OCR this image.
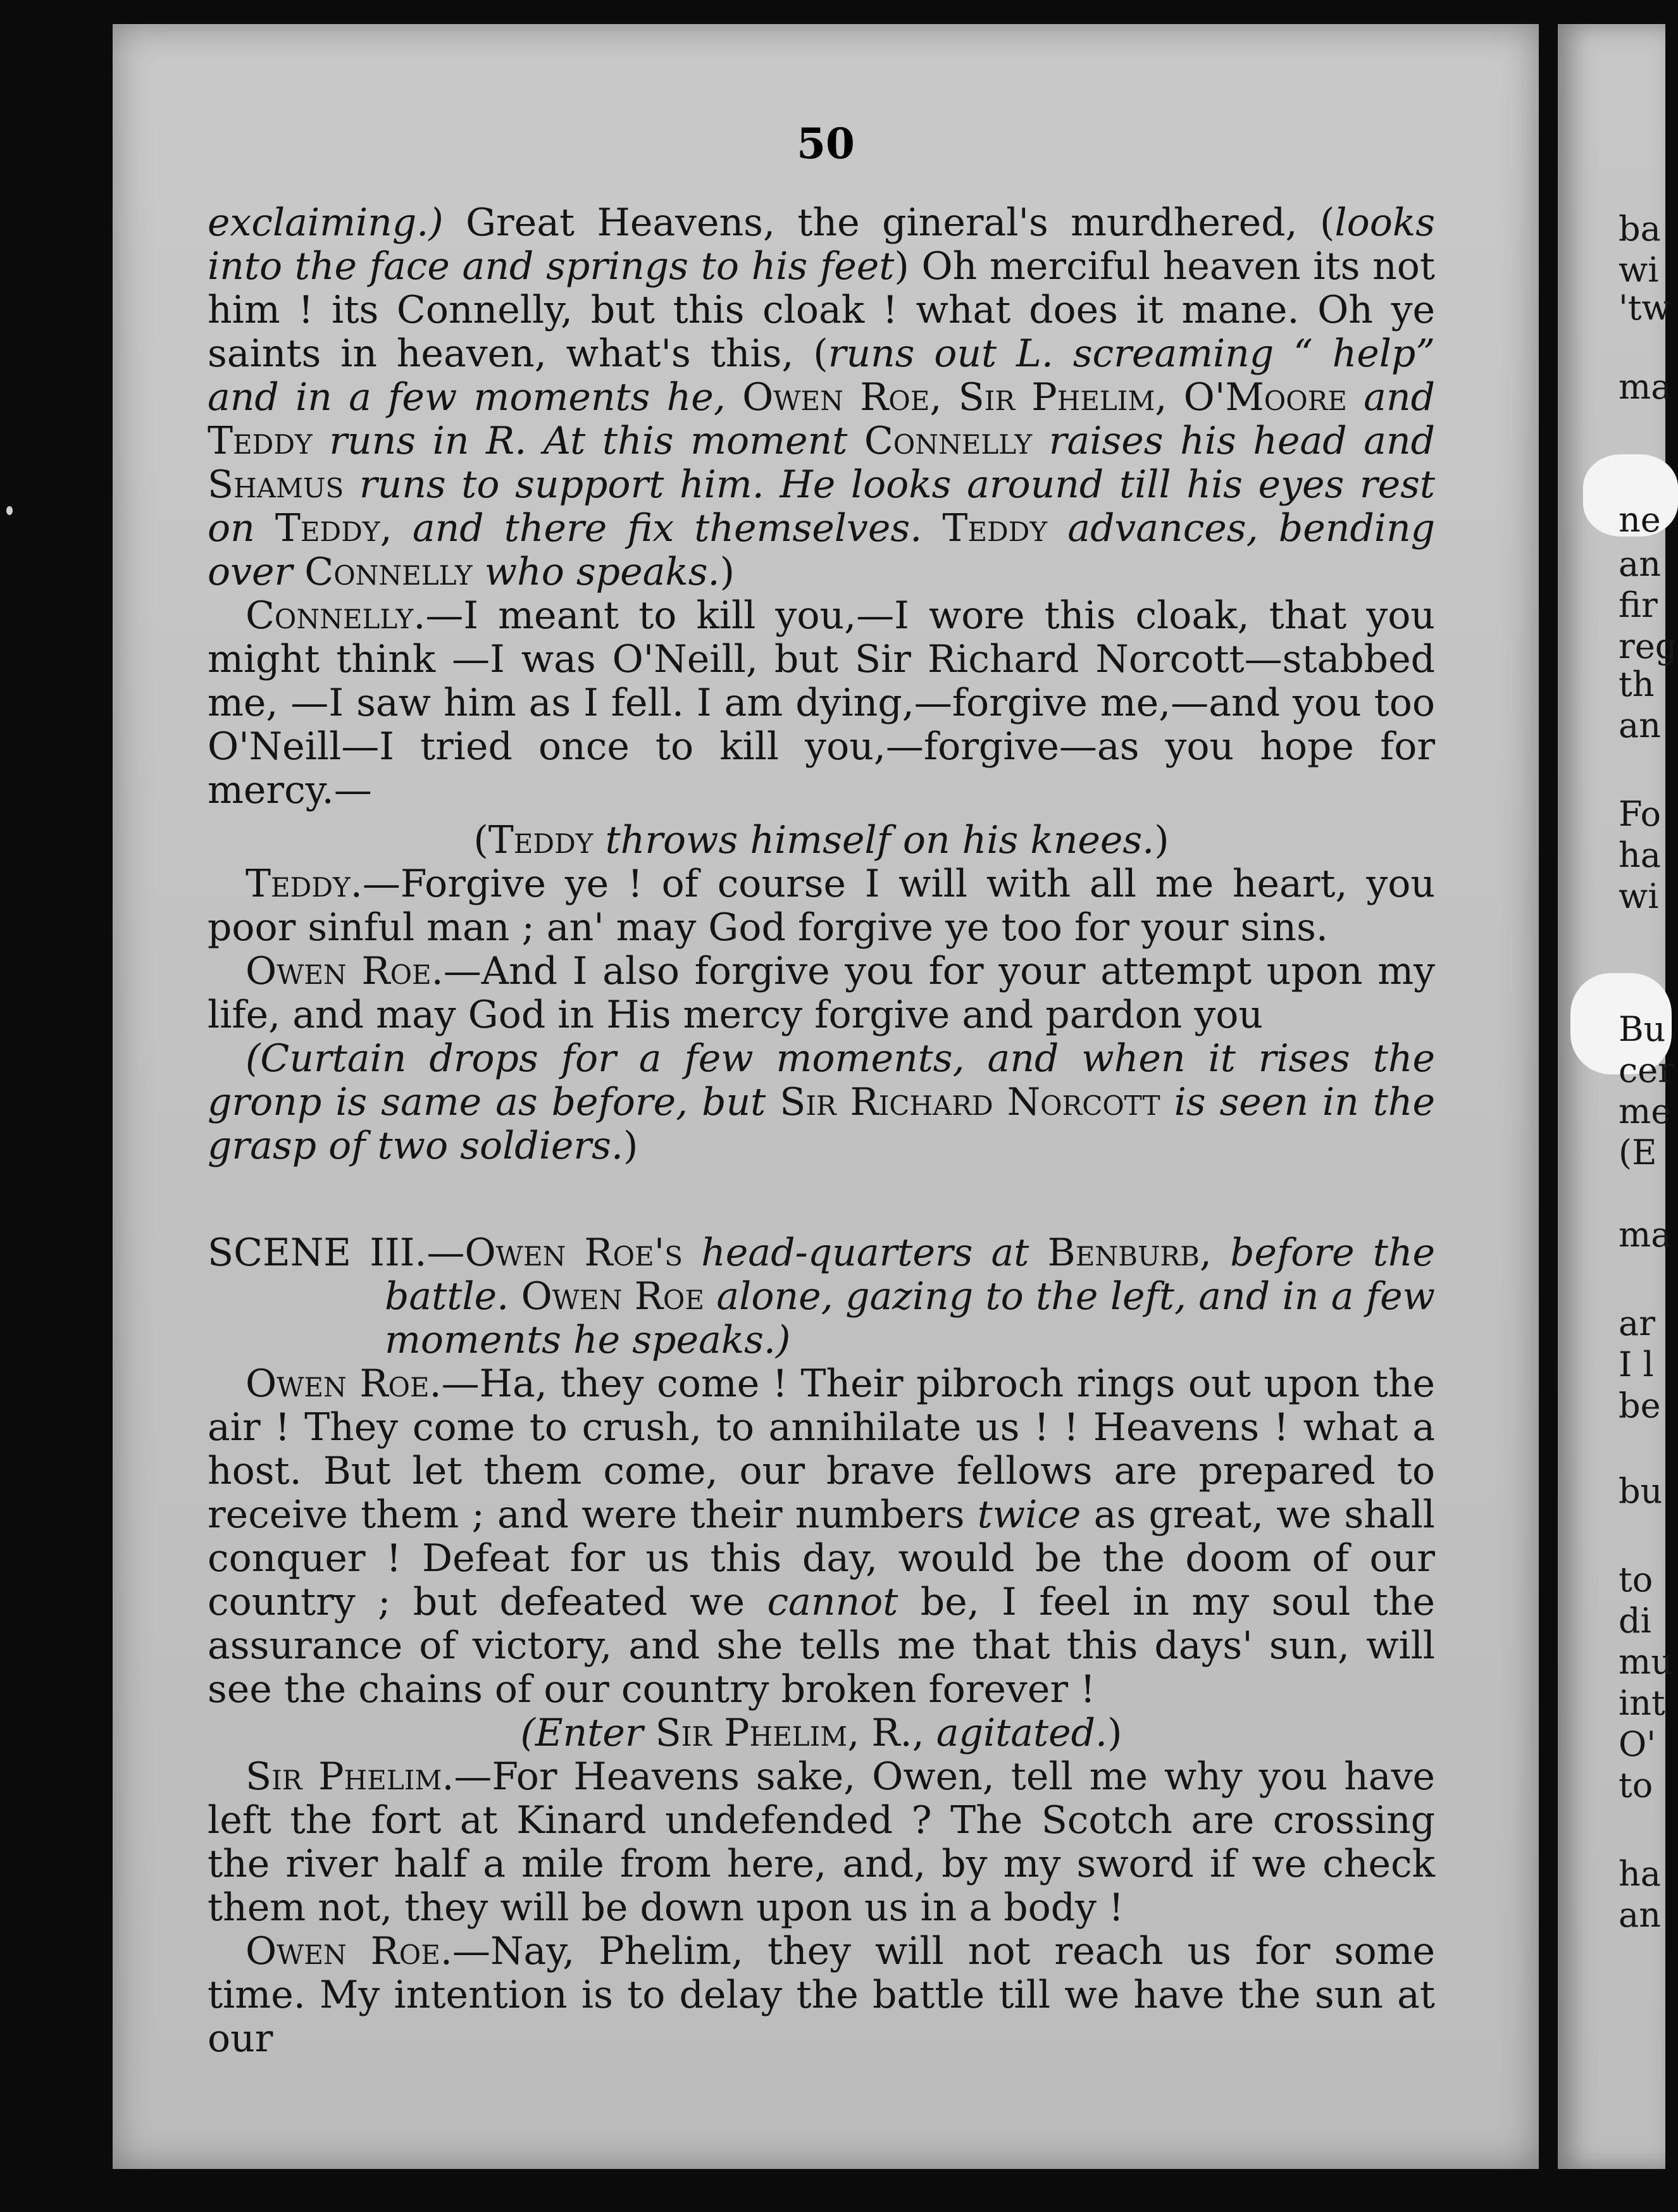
50

exclaiming.) Great Heavens, the gineral's murdhered, (looks into the face and springs to his feet) Oh merciful heaven its not him ! its Connelly, but this cloak ! what does it mane. Oh ye saints in heaven, what's this, (runs out L. screaming “ help” and in a few moments he, Owen Roe, Sir Phelim, O'Moore and Teddy runs in R. At this moment Connelly raises his head and Shamus runs to support him. He looks around till his eyes rest on Teddy, and there fix themselves. Teddy advances, bending over Connelly who speaks.)

Connelly.—I meant to kill you,—I wore this cloak, that you might think —I was O'Neill, but Sir Richard Norcott—stabbed me, —I saw him as I fell. I am dying,—forgive me,—and you too O'Neill—I tried once to kill you,—forgive—as you hope for mercy.—

(Teddy throws himself on his knees.)

Teddy.—Forgive ye ! of course I will with all me heart, you poor sinful man ; an' may God forgive ye too for your sins.

Owen Roe.—And I also forgive you for your attempt upon my life, and may God in His mercy forgive and pardon you

(Curtain drops for a few moments, and when it rises the gronp is same as before, but Sir Richard Norcott is seen in the grasp of two soldiers.)

SCENE III.—Owen Roe's head-quarters at Benburb, before the battle. Owen Roe alone, gazing to the left, and in a few moments he speaks.)

Owen Roe.—Ha, they come ! Their pibroch rings out upon the air ! They come to crush, to annihilate us ! ! Heavens ! what a host. But let them come, our brave fellows are prepared to receive them ; and were their numbers twice as great, we shall conquer ! Defeat for us this day, would be the doom of our country ; but defeated we cannot be, I feel in my soul the assurance of victory, and she tells me that this days' sun, will see the chains of our country broken forever !

(Enter Sir Phelim, R., agitated.)

Sir Phelim.—For Heavens sake, Owen, tell me why you have left the fort at Kinard undefended ? The Scotch are crossing the river half a mile from here, and, by my sword if we check them not, they will be down upon us in a body !

Owen Roe.—Nay, Phelim, they will not reach us for some time. My intention is to delay the battle till we have the sun at our

ba
wi
'tw
ma
ne
an
fir
reg
th
an
Fo
ha
wi
Bu
cer
me
(E
ma
ar
I l
be
bu
to
di
mu
int
O'
to
ha
an
